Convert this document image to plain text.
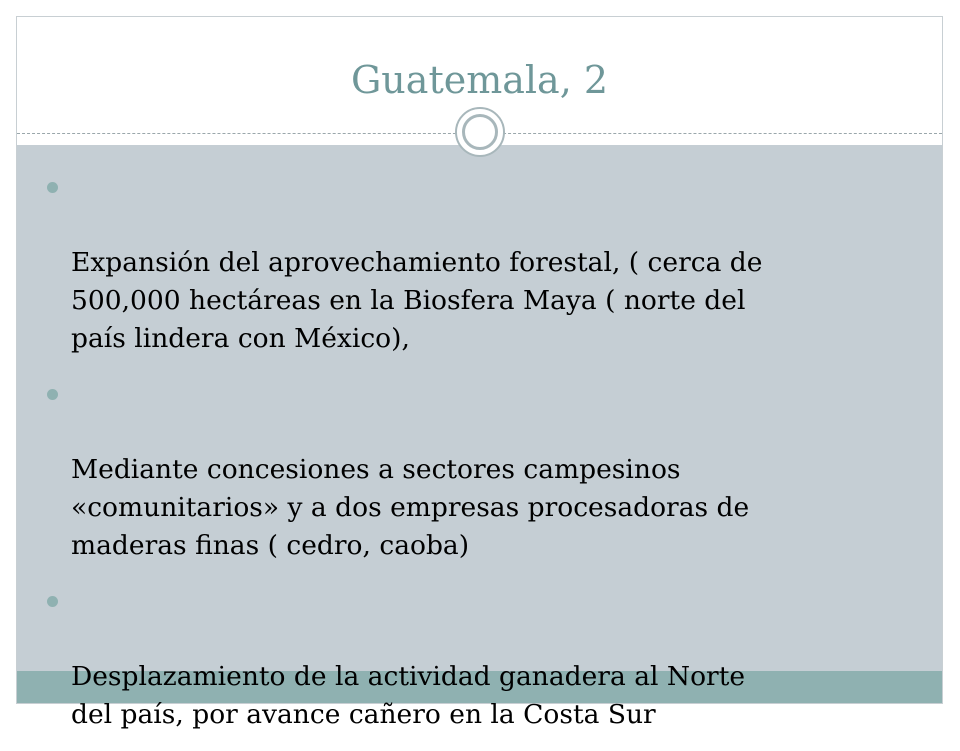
Guatemala, 2

Expansión del aprovechamiento forestal, ( cerca de
500,000 hectáreas en la Biosfera Maya ( norte del
país lindera con México),

Mediante concesiones a sectores campesinos
«comunitarios» y a dos empresas procesadoras de
maderas finas ( cedro, caoba)

Desplazamiento de la actividad ganadera al Norte
del país, por avance cañero en la Costa Sur
